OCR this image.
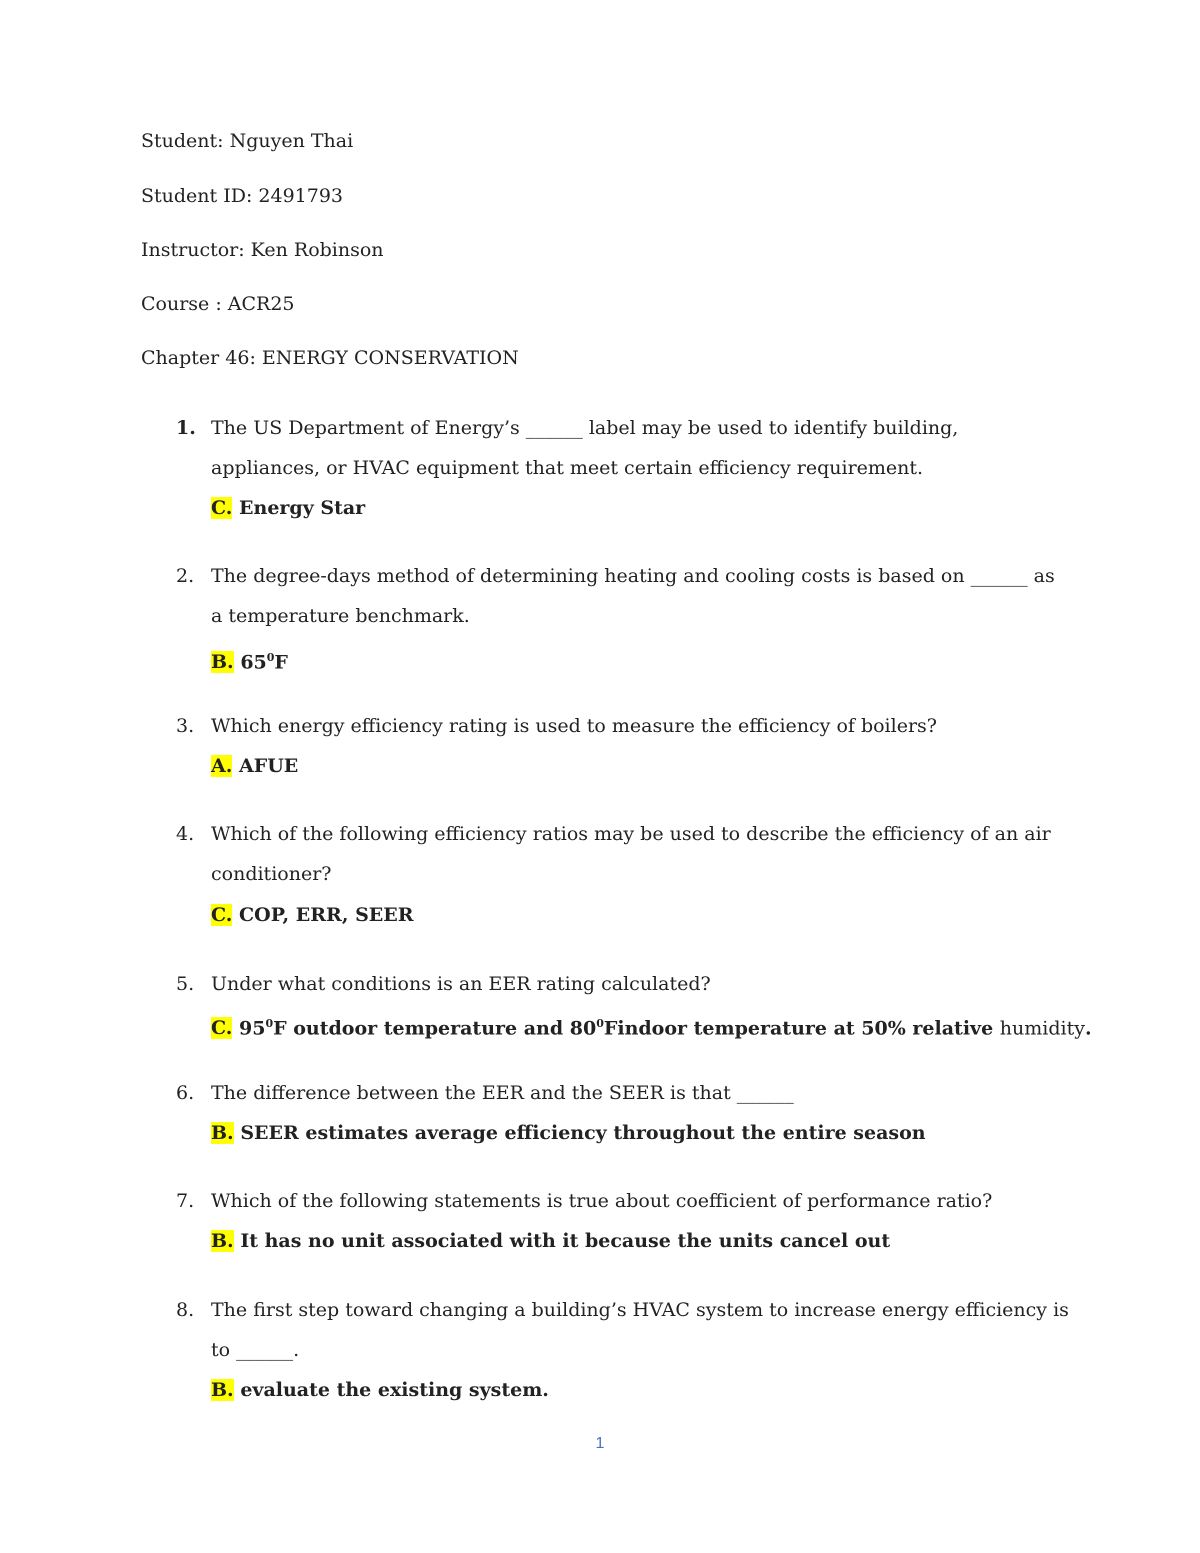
Student: Nguyen Thai
Student ID: 2491793
Instructor: Ken Robinson
Course : ACR25
Chapter 46: ENERGY CONSERVATION
1. The US Department of Energy’s ______ label may be used to identify building, appliances, or HVAC equipment that meet certain efficiency requirement.
C. Energy Star
2. The degree-days method of determining heating and cooling costs is based on ______ as a temperature benchmark.
B. $65^0F$
3. Which energy efficiency rating is used to measure the efficiency of boilers?
A. AFUE
4. Which of the following efficiency ratios may be used to describe the efficiency of an air conditioner?
C. COP, ERR, SEER
5. Under what conditions is an EER rating calculated?
C. $95^0F$ outdoor temperature and $80^0Findoor$ temperature at 50% relative humidity.
6. The difference between the EER and the SEER is that ______
B. SEER estimates average efficiency throughout the entire season
7. Which of the following statements is true about coefficient of performance ratio?
B. It has no unit associated with it because the units cancel out
8. The first step toward changing a building’s HVAC system to increase energy efficiency is to ______.
B. evaluate the existing system.
1
